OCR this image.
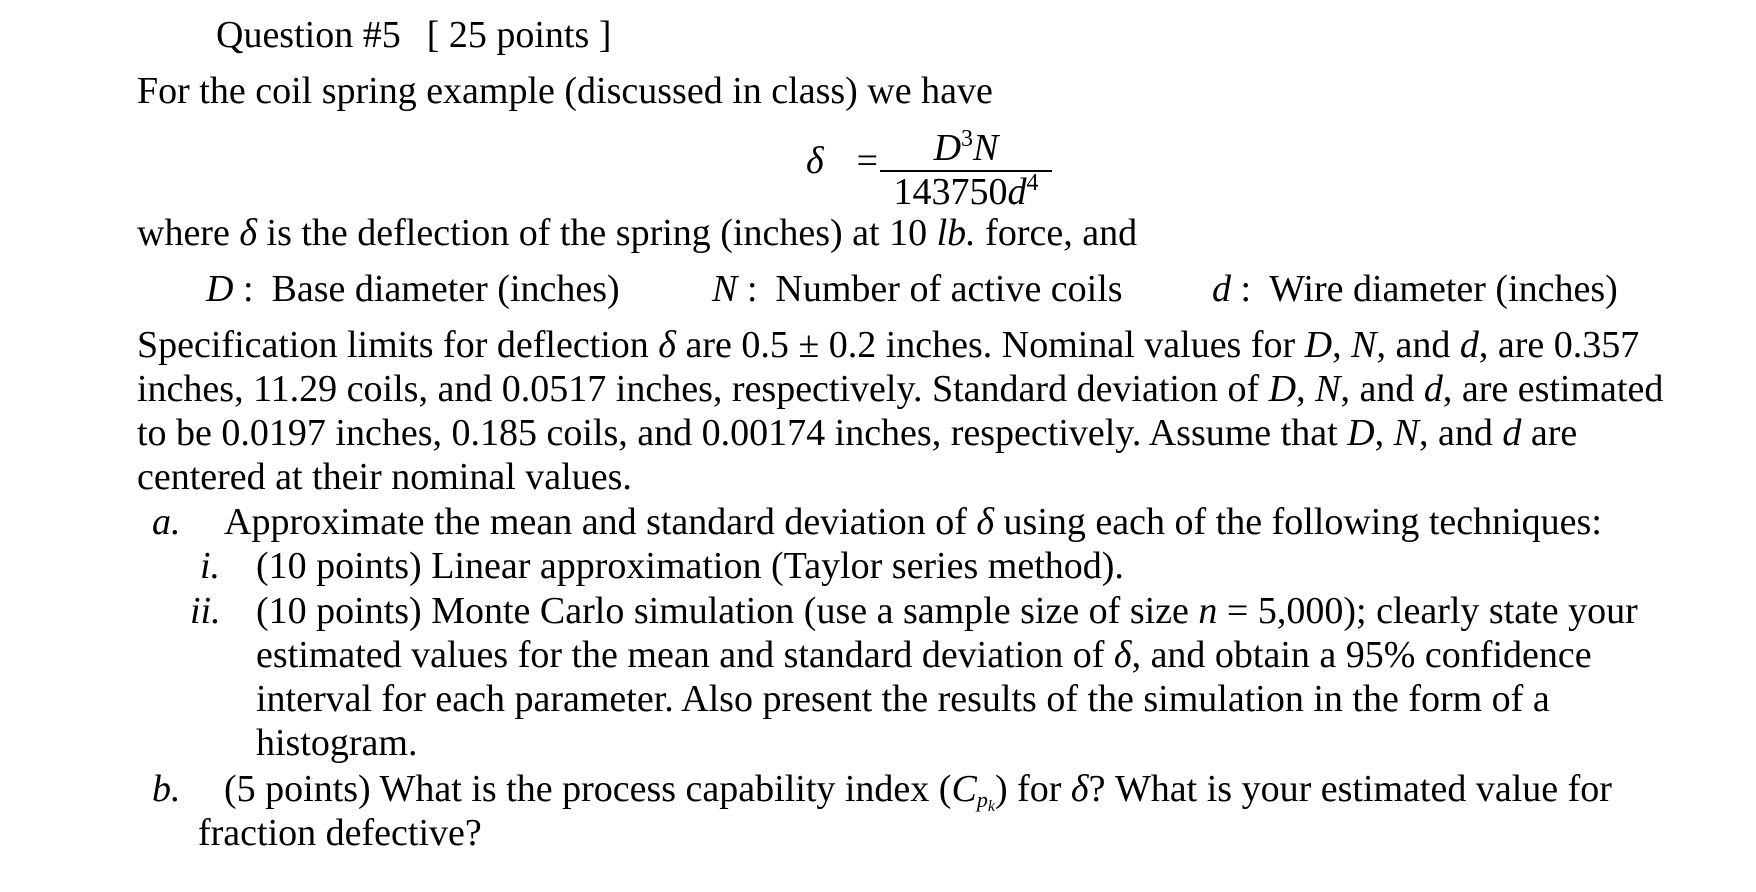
Question #5 [ 25 points ]
For the coil spring example (discussed in class) we have
$\delta = \frac{D^3N}{143750d^4}$
where δ is the deflection of the spring (inches) at 10 lb. force, and
D : Base diameter (inches) N : Number of active coils d : Wire diameter (inches)
Specification limits for deflection δ are 0.5 ± 0.2 inches. Nominal values for D, N, and d, are 0.357
inches, 11.29 coils, and 0.0517 inches, respectively. Standard deviation of D, N, and d, are estimated
to be 0.0197 inches, 0.185 coils, and 0.00174 inches, respectively. Assume that D, N, and d are
centered at their nominal values.
a. Approximate the mean and standard deviation of δ using each of the following techniques:
i. (10 points) Linear approximation (Taylor series method).
ii. (10 points) Monte Carlo simulation (use a sample size of size n = 5,000); clearly state your
estimated values for the mean and standard deviation of δ, and obtain a 95% confidence
interval for each parameter. Also present the results of the simulation in the form of a
histogram.
b. (5 points) What is the process capability index $(C_{pk})$ for δ? What is your estimated value for
fraction defective?
